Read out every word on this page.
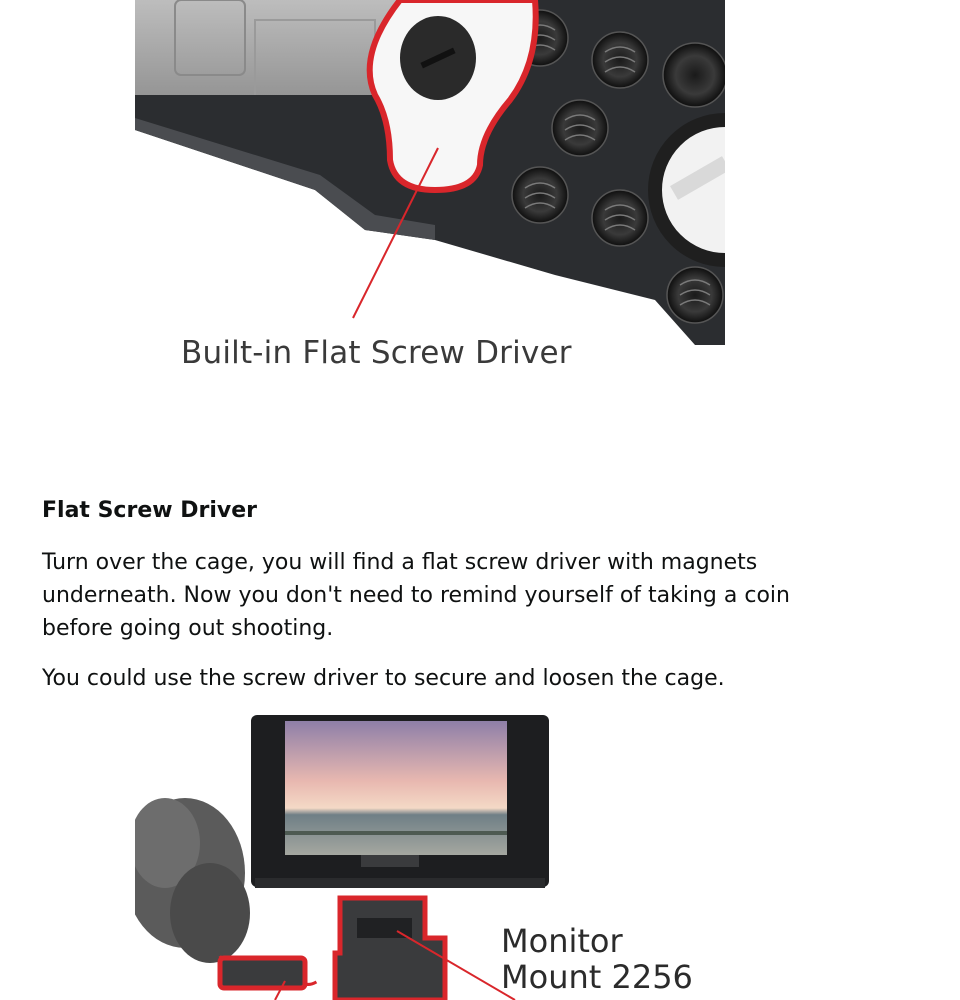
Built-in Flat Screw Driver
Flat Screw Driver

Turn over the cage, you will find a flat screw driver with magnets underneath. Now you don't need to remind yourself of taking a coin before going out shooting.

You could use the screw driver to secure and loosen the cage.

Monitor
Mount 2256
